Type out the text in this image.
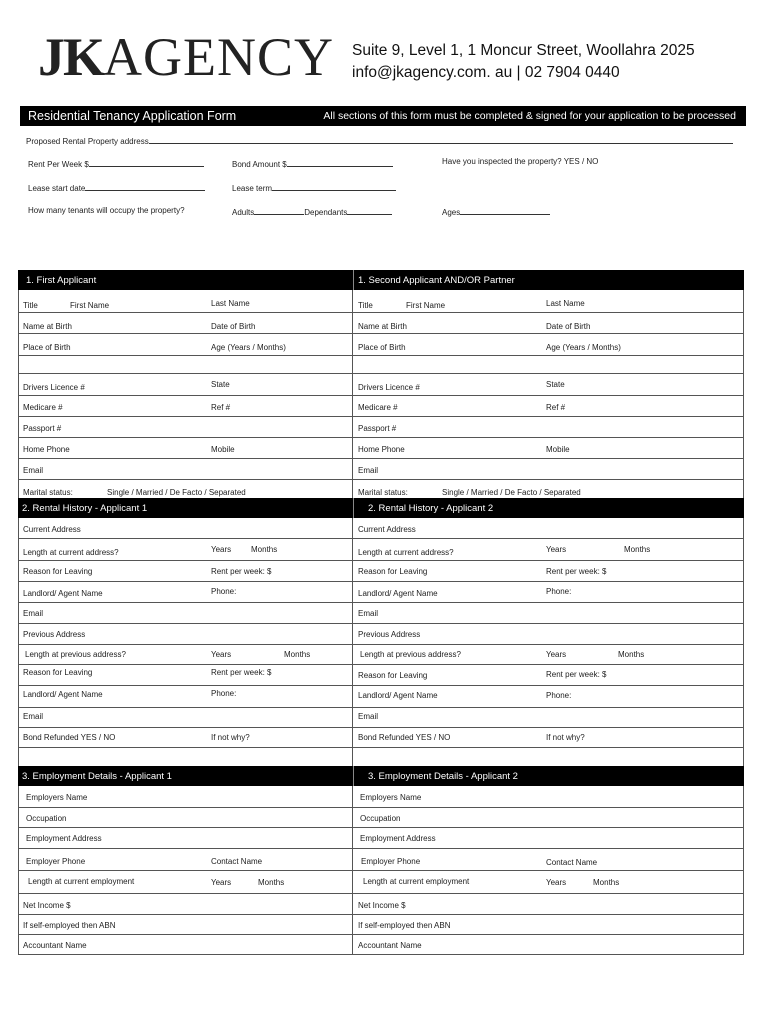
JK AGENCY Suite 9, Level 1, 1 Moncur Street, Woollahra 2025
info@jkagency.com. au | 02 7904 0440
Residential Tenancy Application Form	All sections of this form must be completed & signed for your application to be processed
Proposed Rental Property address
Rent Per Week $	Bond Amount $	Have you inspected the property? YES / NO
Lease start date	Lease term
How many tenants will occupy the property?	Adults	Dependants	Ages
1. First Applicant	1. Second Applicant AND/OR Partner
Title	First Name	Last Name	Title	First Name	Last Name
Name at Birth	Date of Birth	Name at Birth	Date of Birth
Place of Birth	Age (Years / Months)	Place of Birth	Age (Years / Months)
Drivers Licence #	State	Drivers Licence #	State
Medicare #	Ref #	Medicare #	Ref #
Passport #	Passport #
Home Phone	Mobile	Home Phone	Mobile
Email	Email
Marital status:	Single / Married / De Facto / Separated	Marital status:	Single / Married / De Facto / Separated
2. Rental History - Applicant 1	2. Rental History - Applicant 2
Current Address	Current Address
Length at current address?	Years Months	Length at current address?	Years	Months
Reason for Leaving	Rent per week: $	Reason for Leaving	Rent per week: $
Landlord/ Agent Name	Phone:	Landlord/ Agent Name	Phone:
Email	Email
Previous Address	Previous Address
Length at previous address?	Years	Months	Length at previous address?	Years	Months
Reason for Leaving	Rent per week: $	Reason for Leaving	Rent per week: $
Landlord/ Agent Name	Phone:	Landlord/ Agent Name	Phone:
Email	Email
Bond Refunded YES / NO	If not why?	Bond Refunded YES / NO	If not why?
3. Employment Details - Applicant 1	3. Employment Details - Applicant 2
Employers Name	Employers Name
Occupation	Occupation
Employment Address	Employment Address
Employer Phone	Contact Name	Employer Phone	Contact Name
Length at current employment	Years	Months	Length at current employment	Years	Months
Net Income $	Net Income $
If self-employed then ABN	If self-employed then ABN
Accountant Name	Accountant Name
